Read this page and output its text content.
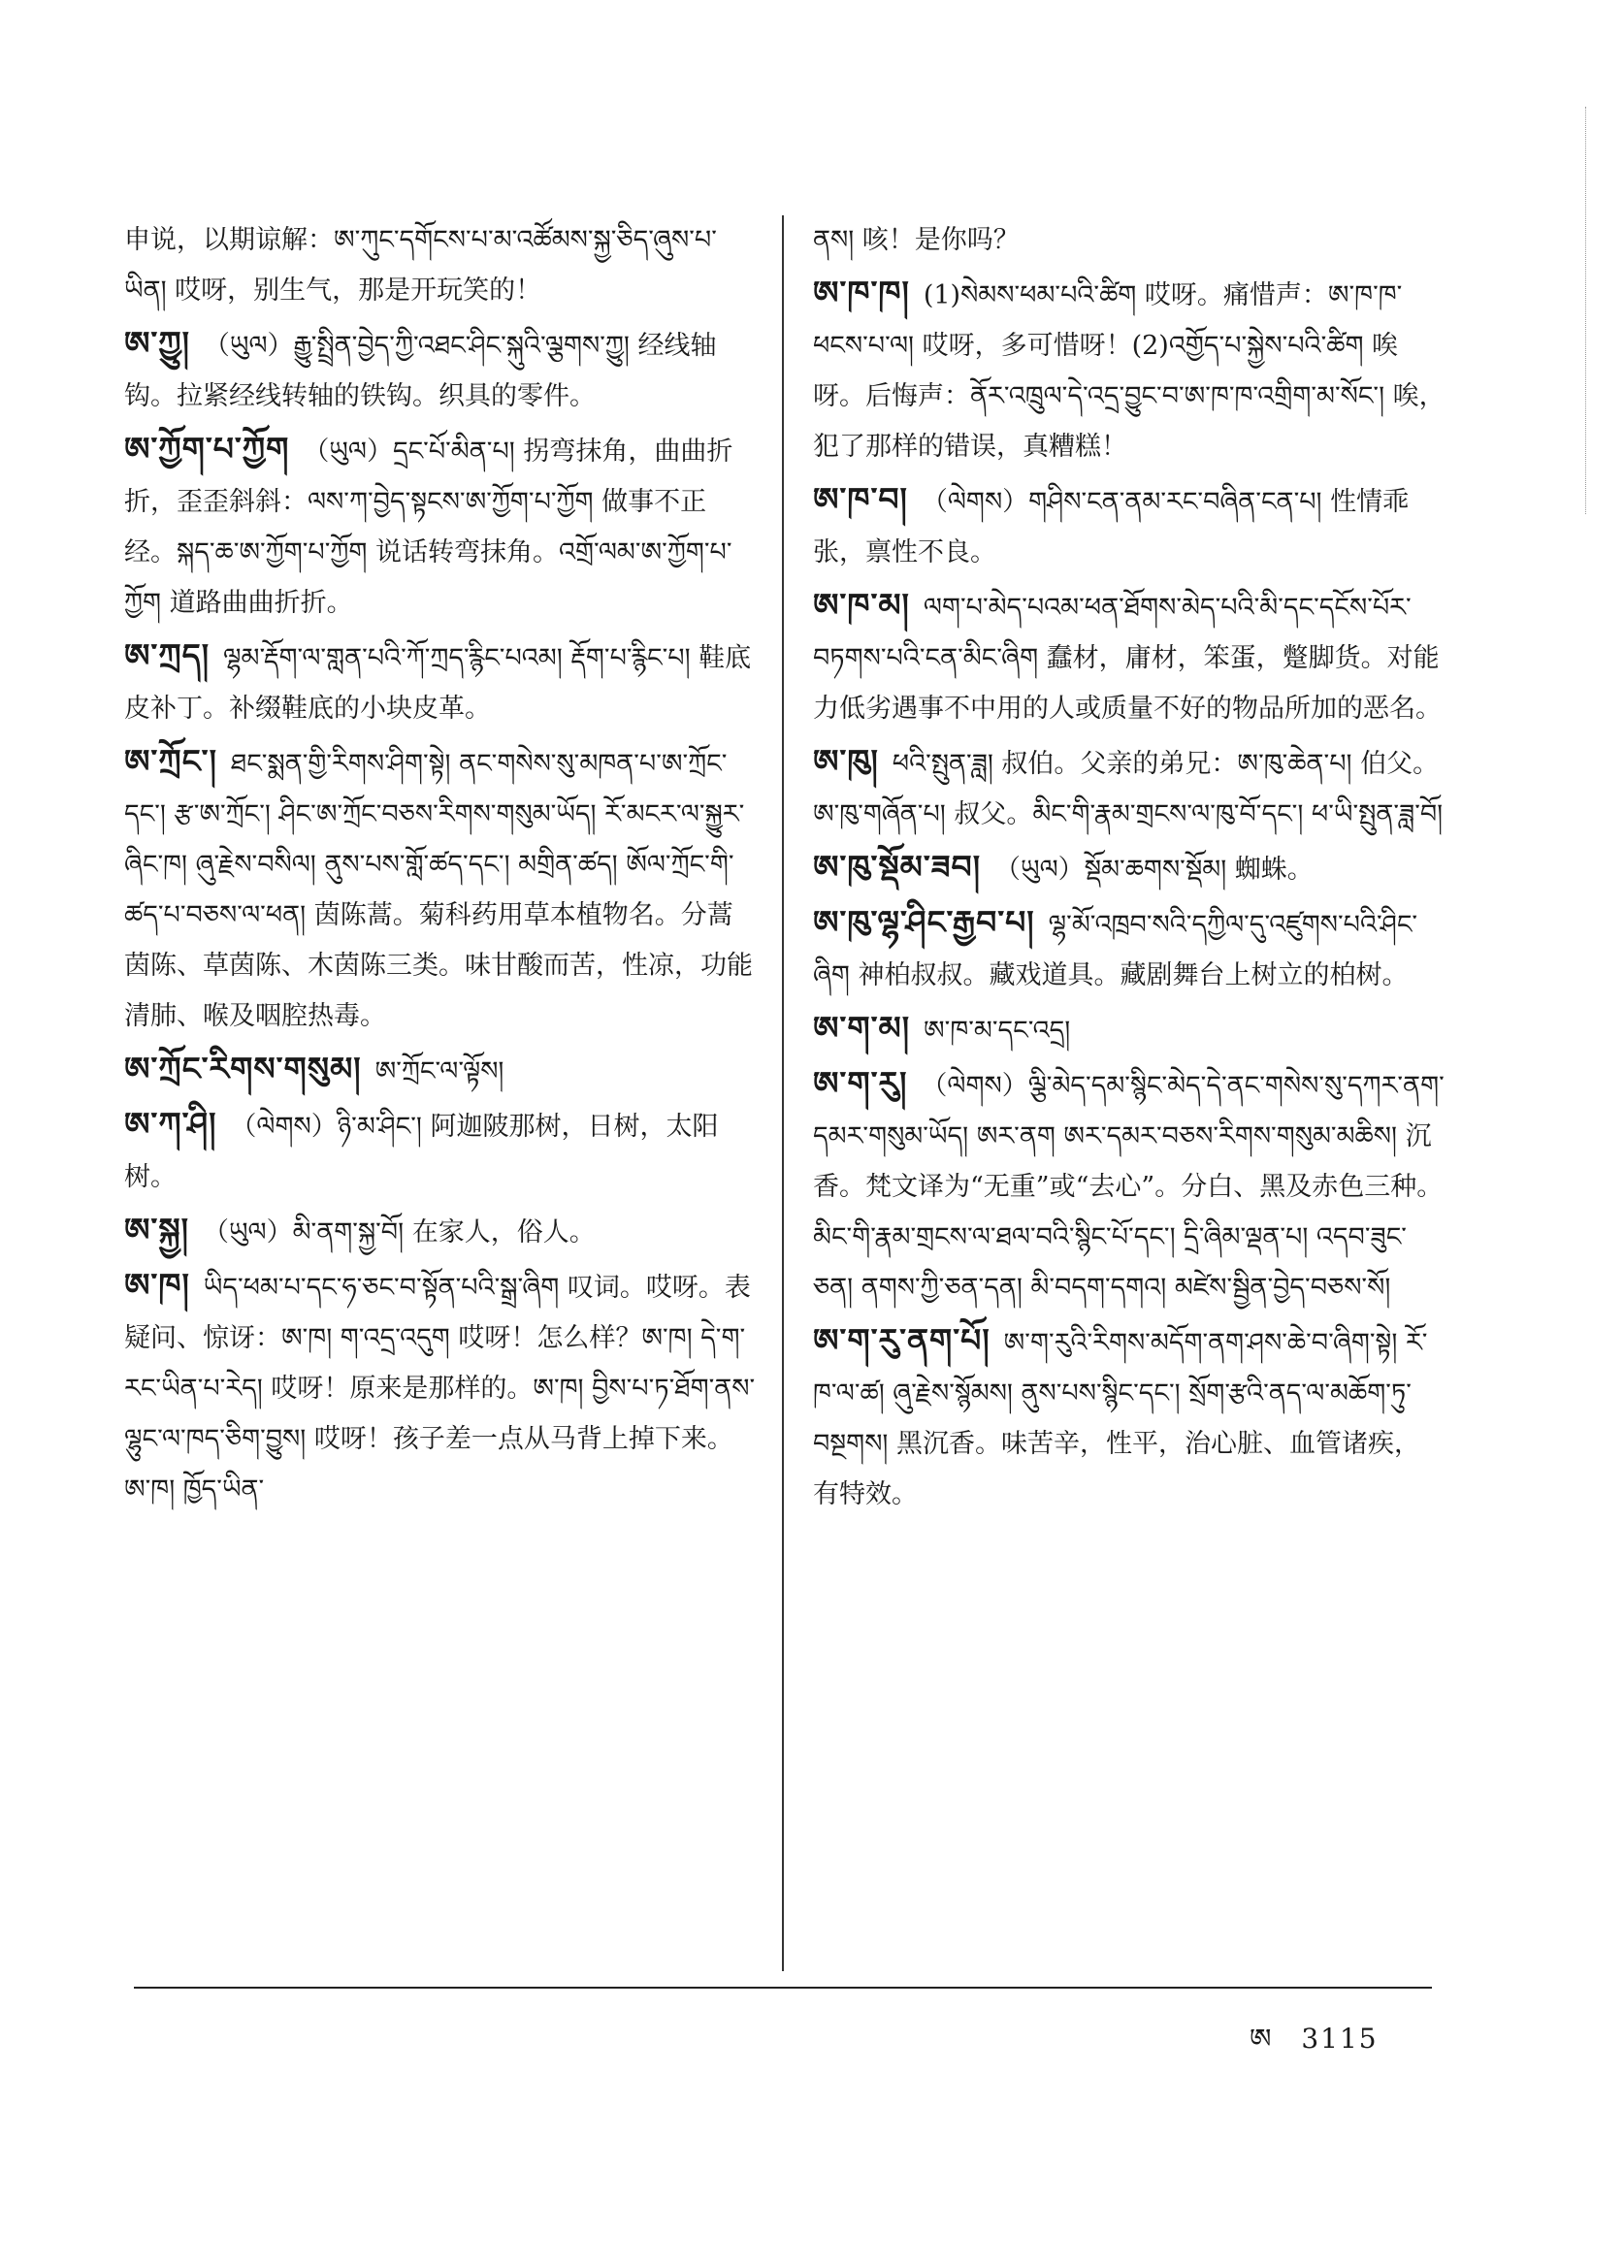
申说，以期谅解：ཨ་ཀུང་དགོངས་པ་མ་འཚོམས་སྐྱ་ཅིད་ཞུས་པ་ཡིན། 哎呀，别生气，那是开玩笑的！
ཨ་ཀྱུ། （ཡུལ）རྒྱུ་སྤྲིན་བྱེད་ཀྱི་འཐང་ཤིང་སྐུའི་ལྕགས་ཀྱུ། 经线轴钩。拉紧经线转轴的铁钩。织具的零件。
ཨ་ཀྱོག་པ་ཀྱོག （ཡུལ）དྲང་པོ་མིན་པ། 拐弯抹角，曲曲折折，歪歪斜斜：ལས་ཀ་བྱེད་སྟངས་ཨ་ཀྱོག་པ་ཀྱོག 做事不正经。སྐད་ཆ་ཨ་ཀྱོག་པ་ཀྱོག 说话转弯抹角。འགྲོ་ལམ་ཨ་ཀྱོག་པ་ཀྱོག 道路曲曲折折。
ཨ་ཀྲད། ལྷམ་རྡོག་ལ་གླན་པའི་ཀོ་ཀྲད་རྙིང་པའམ། རྡོག་པ་རྙིང་པ། 鞋底皮补丁。补缀鞋底的小块皮革。
ཨ་ཀྲོང་། ཐང་སྨན་གྱི་རིགས་ཤིག་སྟེ། ནང་གསེས་སུ་མཁན་པ་ཨ་ཀྲོང་དང་། རྩ་ཨ་ཀྲོང་། ཤིང་ཨ་ཀྲོང་བཅས་རིགས་གསུམ་ཡོད། རོ་མངར་ལ་སྐྱུར་ཞིང་ཁ། ཞུ་རྗེས་བསིལ། ནུས་པས་གློ་ཚད་དང་། མགྲིན་ཚད། ཨོལ་ཀྲོང་གི་ཚད་པ་བཅས་ལ་ཕན། 茵陈蒿。菊科药用草本植物名。分蒿茵陈、草茵陈、木茵陈三类。味甘酸而苦，性凉，功能清肺、喉及咽腔热毒。
ཨ་ཀྲོང་རིགས་གསུམ། ཨ་ཀྲོང་ལ་ལྟོས།
ཨ་ཀ་ཤི། （ལེགས）ཉི་མ་ཤིང་། 阿迦陂那树，日树，太阳树。
ཨ་སྐྱ། （ཡུལ）མི་ནག་སྐྱ་བོ། 在家人，俗人。
ཨ་ཁ། ཡིད་ཕམ་པ་དང་ཧ་ཅང་བ་སྟོན་པའི་སྒྲ་ཞིག 叹词。哎呀。表疑问、惊讶：ཨ་ཁ། ག་འདྲ་འདུག 哎呀！怎么样？ཨ་ཁ། དེ་ག་རང་ཡིན་པ་རེད། 哎呀！原来是那样的。ཨ་ཁ། བྱིས་པ་ཏ་ཐོག་ནས་ལྷུང་ལ་ཁད་ཅིག་བྱུས། 哎呀！孩子差一点从马背上掉下来。ཨ་ཁ། ཁྱོད་ཡིན་
ནས། 咳！是你吗？
ཨ་ཁ་ཁ། (1)སེམས་ཕམ་པའི་ཚིག 哎呀。痛惜声：ཨ་ཁ་ཁ་ཕངས་པ་ལ། 哎呀，多可惜呀！(2)འགྱོད་པ་སྐྱེས་པའི་ཚིག 唉呀。后悔声：ནོར་འཁྲུལ་དེ་འདྲ་བྱུང་བ་ཨ་ཁ་ཁ་འགྲིག་མ་སོང་། 唉，犯了那样的错误，真糟糕！
ཨ་ཁ་བ། （ལེགས）གཤིས་ངན་ནམ་རང་བཞིན་ངན་པ། 性情乖张，禀性不良。
ཨ་ཁ་མ། ལག་པ་མེད་པའམ་ཕན་ཐོགས་མེད་པའི་མི་དང་དངོས་པོར་བཏགས་པའི་ངན་མིང་ཞིག 蠢材，庸材，笨蛋，蹩脚货。对能力低劣遇事不中用的人或质量不好的物品所加的恶名。
ཨ་ཁུ། ཕའི་སྤུན་ཟླ། 叔伯。父亲的弟兄：ཨ་ཁུ་ཆེན་པ། 伯父。ཨ་ཁུ་གཞོན་པ། 叔父。མིང་གི་རྣམ་གྲངས་ལ་ཁུ་བོ་དང་། ཕ་ཡི་སྤུན་ཟླ་བོ།
ཨ་ཁུ་སྡོམ་ཟབ། （ཡུལ）སྡོམ་ཆགས་སྡོམ། 蜘蛛。
ཨ་ཁུ་ལྷ་ཤིང་རྒྱབ་པ། ལྷ་མོ་འཁྲབ་སའི་དཀྱིལ་དུ་འཛུགས་པའི་ཤིང་ཞིག 神柏叔叔。藏戏道具。藏剧舞台上树立的柏树。
ཨ་ག་མ། ཨ་ཁ་མ་དང་འདྲ།
ཨ་ག་རུ། （ལེགས）ལྕི་མེད་དམ་སྙིང་མེད་དེ་ནང་གསེས་སུ་དཀར་ནག་དམར་གསུམ་ཡོད། ཨར་ནག ཨར་དམར་བཅས་རིགས་གསུམ་མཆིས། 沉香。梵文译为“无重”或“去心”。分白、黑及赤色三种。མིང་གི་རྣམ་གྲངས་ལ་ཐལ་བའི་སྙིང་པོ་དང་། དྲི་ཞིམ་ལྡན་པ། འདབ་ཟུང་ཅན། ནགས་ཀྱི་ཅན་དན། མི་བདག་དགའ། མཛེས་སྦྱིན་བྱེད་བཅས་སོ།
ཨ་ག་རུ་ནག་པོ། ཨ་ག་རུའི་རིགས་མདོག་ནག་ཤས་ཆེ་བ་ཞིག་སྟེ། རོ་ཁ་ལ་ཚ། ཞུ་རྗེས་སྙོམས། ནུས་པས་སྙིང་དང་། སྲོག་རྩའི་ནད་ལ་མཆོག་ཏུ་བསྔགས། 黑沉香。味苦辛，性平，治心脏、血管诸疾，有特效。
ཨ 3115
